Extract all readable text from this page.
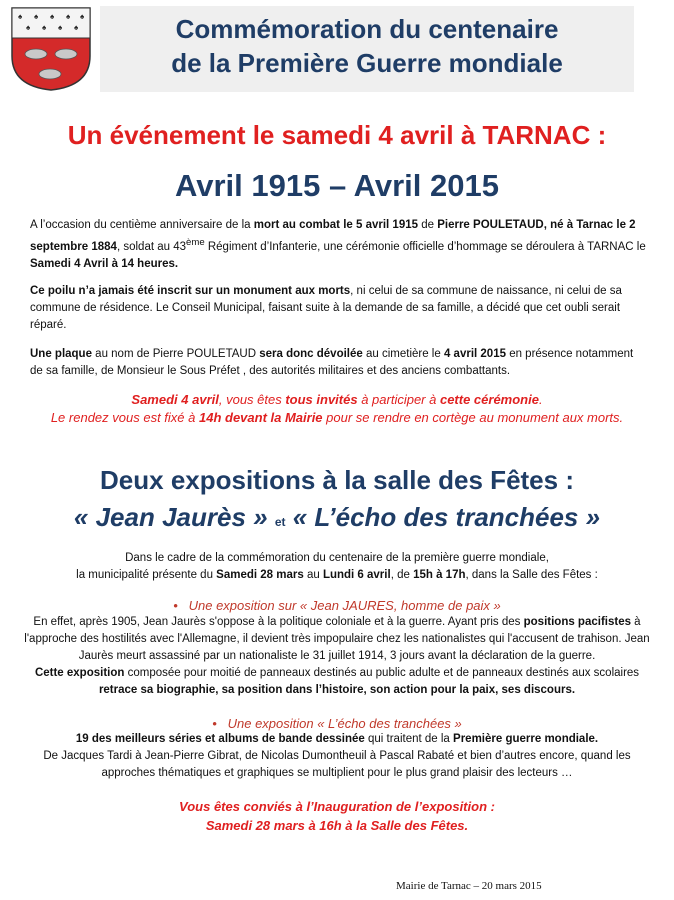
♠ ♠ ♠ ♠ ♠
♠ ♠ ♠ ♠	Commémoration du centenaire
de la Première Guerre mondiale
Un événement le samedi 4 avril à TARNAC :
Avril 1915 – Avril 2015
A l’occasion du centième anniversaire de la mort au combat le 5 avril 1915 de Pierre POULETAUD, né à Tarnac le 2 septembre 1884, soldat au 43ème Régiment d’Infanterie, une cérémonie officielle d’hommage se déroulera à TARNAC le Samedi 4 Avril à 14 heures.
Ce poilu n’a jamais été inscrit sur un monument aux morts, ni celui de sa commune de naissance, ni celui de sa commune de résidence. Le Conseil Municipal, faisant suite à la demande de sa famille, a décidé que cet oubli serait réparé.
Une plaque au nom de Pierre POULETAUD sera donc dévoilée au cimetière le 4 avril 2015 en présence notamment de sa famille, de Monsieur le Sous Préfet , des autorités militaires et des anciens combattants.
Samedi 4 avril, vous êtes tous invités à participer à cette cérémonie.
Le rendez vous est fixé à 14h devant la Mairie pour se rendre en cortège au monument aux morts.
Deux expositions à la salle des Fêtes :
« Jean Jaurès » et « L’écho des tranchées »
Dans le cadre de la commémoration du centenaire de la première guerre mondiale,
la municipalité présente du Samedi 28 mars au Lundi 6 avril, de 15h à 17h, dans la Salle des Fêtes :
•   Une exposition sur « Jean JAURES, homme de paix »
En effet, après 1905, Jean Jaurès s'oppose à la politique coloniale et à la guerre. Ayant pris des positions pacifistes à l'approche des hostilités avec l'Allemagne, il devient très impopulaire chez les nationalistes qui l'accusent de trahison. Jean Jaurès meurt assassiné par un nationaliste le 31 juillet 1914, 3 jours avant la déclaration de la guerre.
Cette exposition composée pour moitié de panneaux destinés au public adulte et de panneaux destinés aux scolaires retrace sa biographie, sa position dans l’histoire, son action pour la paix, ses discours.
•   Une exposition « L’écho des tranchées »
19 des meilleurs séries et albums de bande dessinée qui traitent de la Première guerre mondiale.
De Jacques Tardi à Jean-Pierre Gibrat, de Nicolas Dumontheuil à Pascal Rabaté et bien d’autres encore, quand les approches thématiques et graphiques se multiplient pour le plus grand plaisir des lecteurs …
Vous êtes conviés à l’Inauguration de l’exposition :
Samedi 28 mars à 16h à la Salle des Fêtes.
Mairie de Tarnac – 20 mars 2015
